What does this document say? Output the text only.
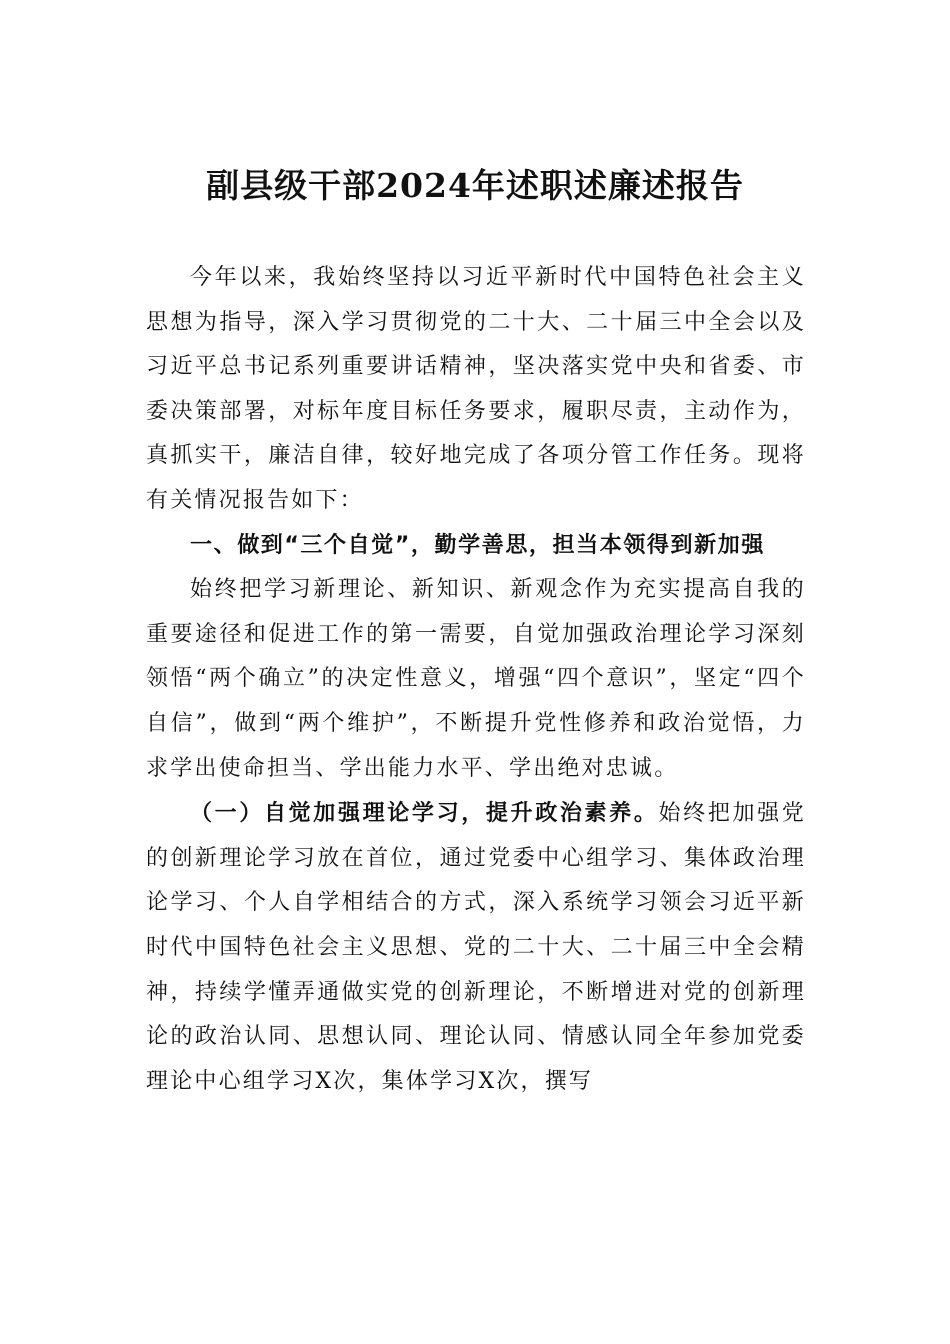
副县级干部2024年述职述廉述报告

今年以来，我始终坚持以习近平新时代中国特色社会主义思想为指导，深入学习贯彻党的二十大、二十届三中全会以及习近平总书记系列重要讲话精神，坚决落实党中央和省委、市委决策部署，对标年度目标任务要求，履职尽责，主动作为，真抓实干，廉洁自律，较好地完成了各项分管工作任务。现将有关情况报告如下：

一、做到“三个自觉”，勤学善思，担当本领得到新加强

始终把学习新理论、新知识、新观念作为充实提高自我的重要途径和促进工作的第一需要，自觉加强政治理论学习深刻领悟“两个确立”的决定性意义，增强“四个意识”，坚定“四个自信”，做到“两个维护”，不断提升党性修养和政治觉悟，力求学出使命担当、学出能力水平、学出绝对忠诚。

（一）自觉加强理论学习，提升政治素养。始终把加强党的创新理论学习放在首位，通过党委中心组学习、集体政治理论学习、个人自学相结合的方式，深入系统学习领会习近平新时代中国特色社会主义思想、党的二十大、二十届三中全会精神，持续学懂弄通做实党的创新理论，不断增进对党的创新理论的政治认同、思想认同、理论认同、情感认同全年参加党委理论中心组学习X次，集体学习X次，撰写
